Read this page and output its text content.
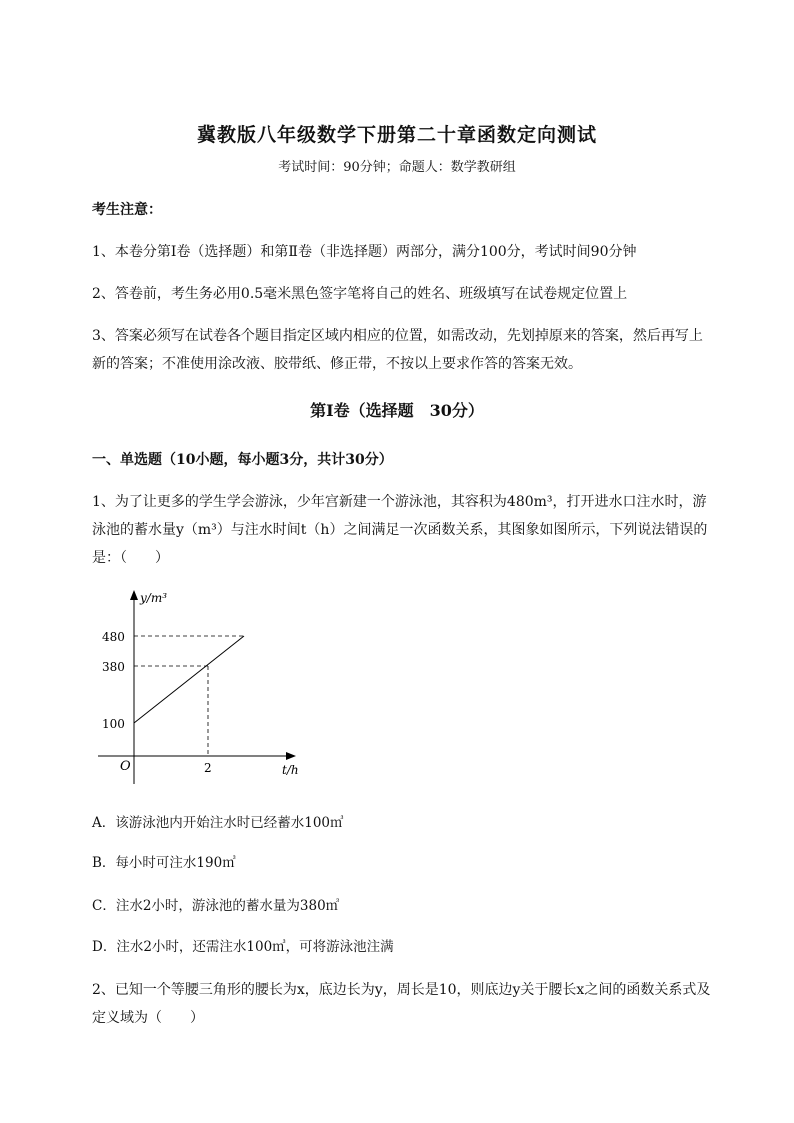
冀教版八年级数学下册第二十章函数定向测试
考试时间：90分钟；命题人：数学教研组
考生注意：
1、本卷分第Ⅰ卷（选择题）和第Ⅱ卷（非选择题）两部分，满分100分，考试时间90分钟
2、答卷前，考生务必用0.5毫米黑色签字笔将自己的姓名、班级填写在试卷规定位置上
3、答案必须写在试卷各个题目指定区域内相应的位置，如需改动，先划掉原来的答案，然后再写上新的答案；不准使用涂改液、胶带纸、修正带，不按以上要求作答的答案无效。
第Ⅰ卷（选择题　30分）
一、单选题（10小题，每小题3分，共计30分）
1、为了让更多的学生学会游泳，少年宫新建一个游泳池，其容积为480m³，打开进水口注水时，游泳池的蓄水量y（m³）与注水时间t（h）之间满足一次函数关系，其图象如图所示，下列说法错误的是：（　　）
y/m³
t/h
O
480
380
100
2
A．该游泳池内开始注水时已经蓄水100㎥
B．每小时可注水190㎥
C．注水2小时，游泳池的蓄水量为380㎥
D．注水2小时，还需注水100㎥，可将游泳池注满
2、已知一个等腰三角形的腰长为x，底边长为y，周长是10，则底边y关于腰长x之间的函数关系式及定义域为（　　）
